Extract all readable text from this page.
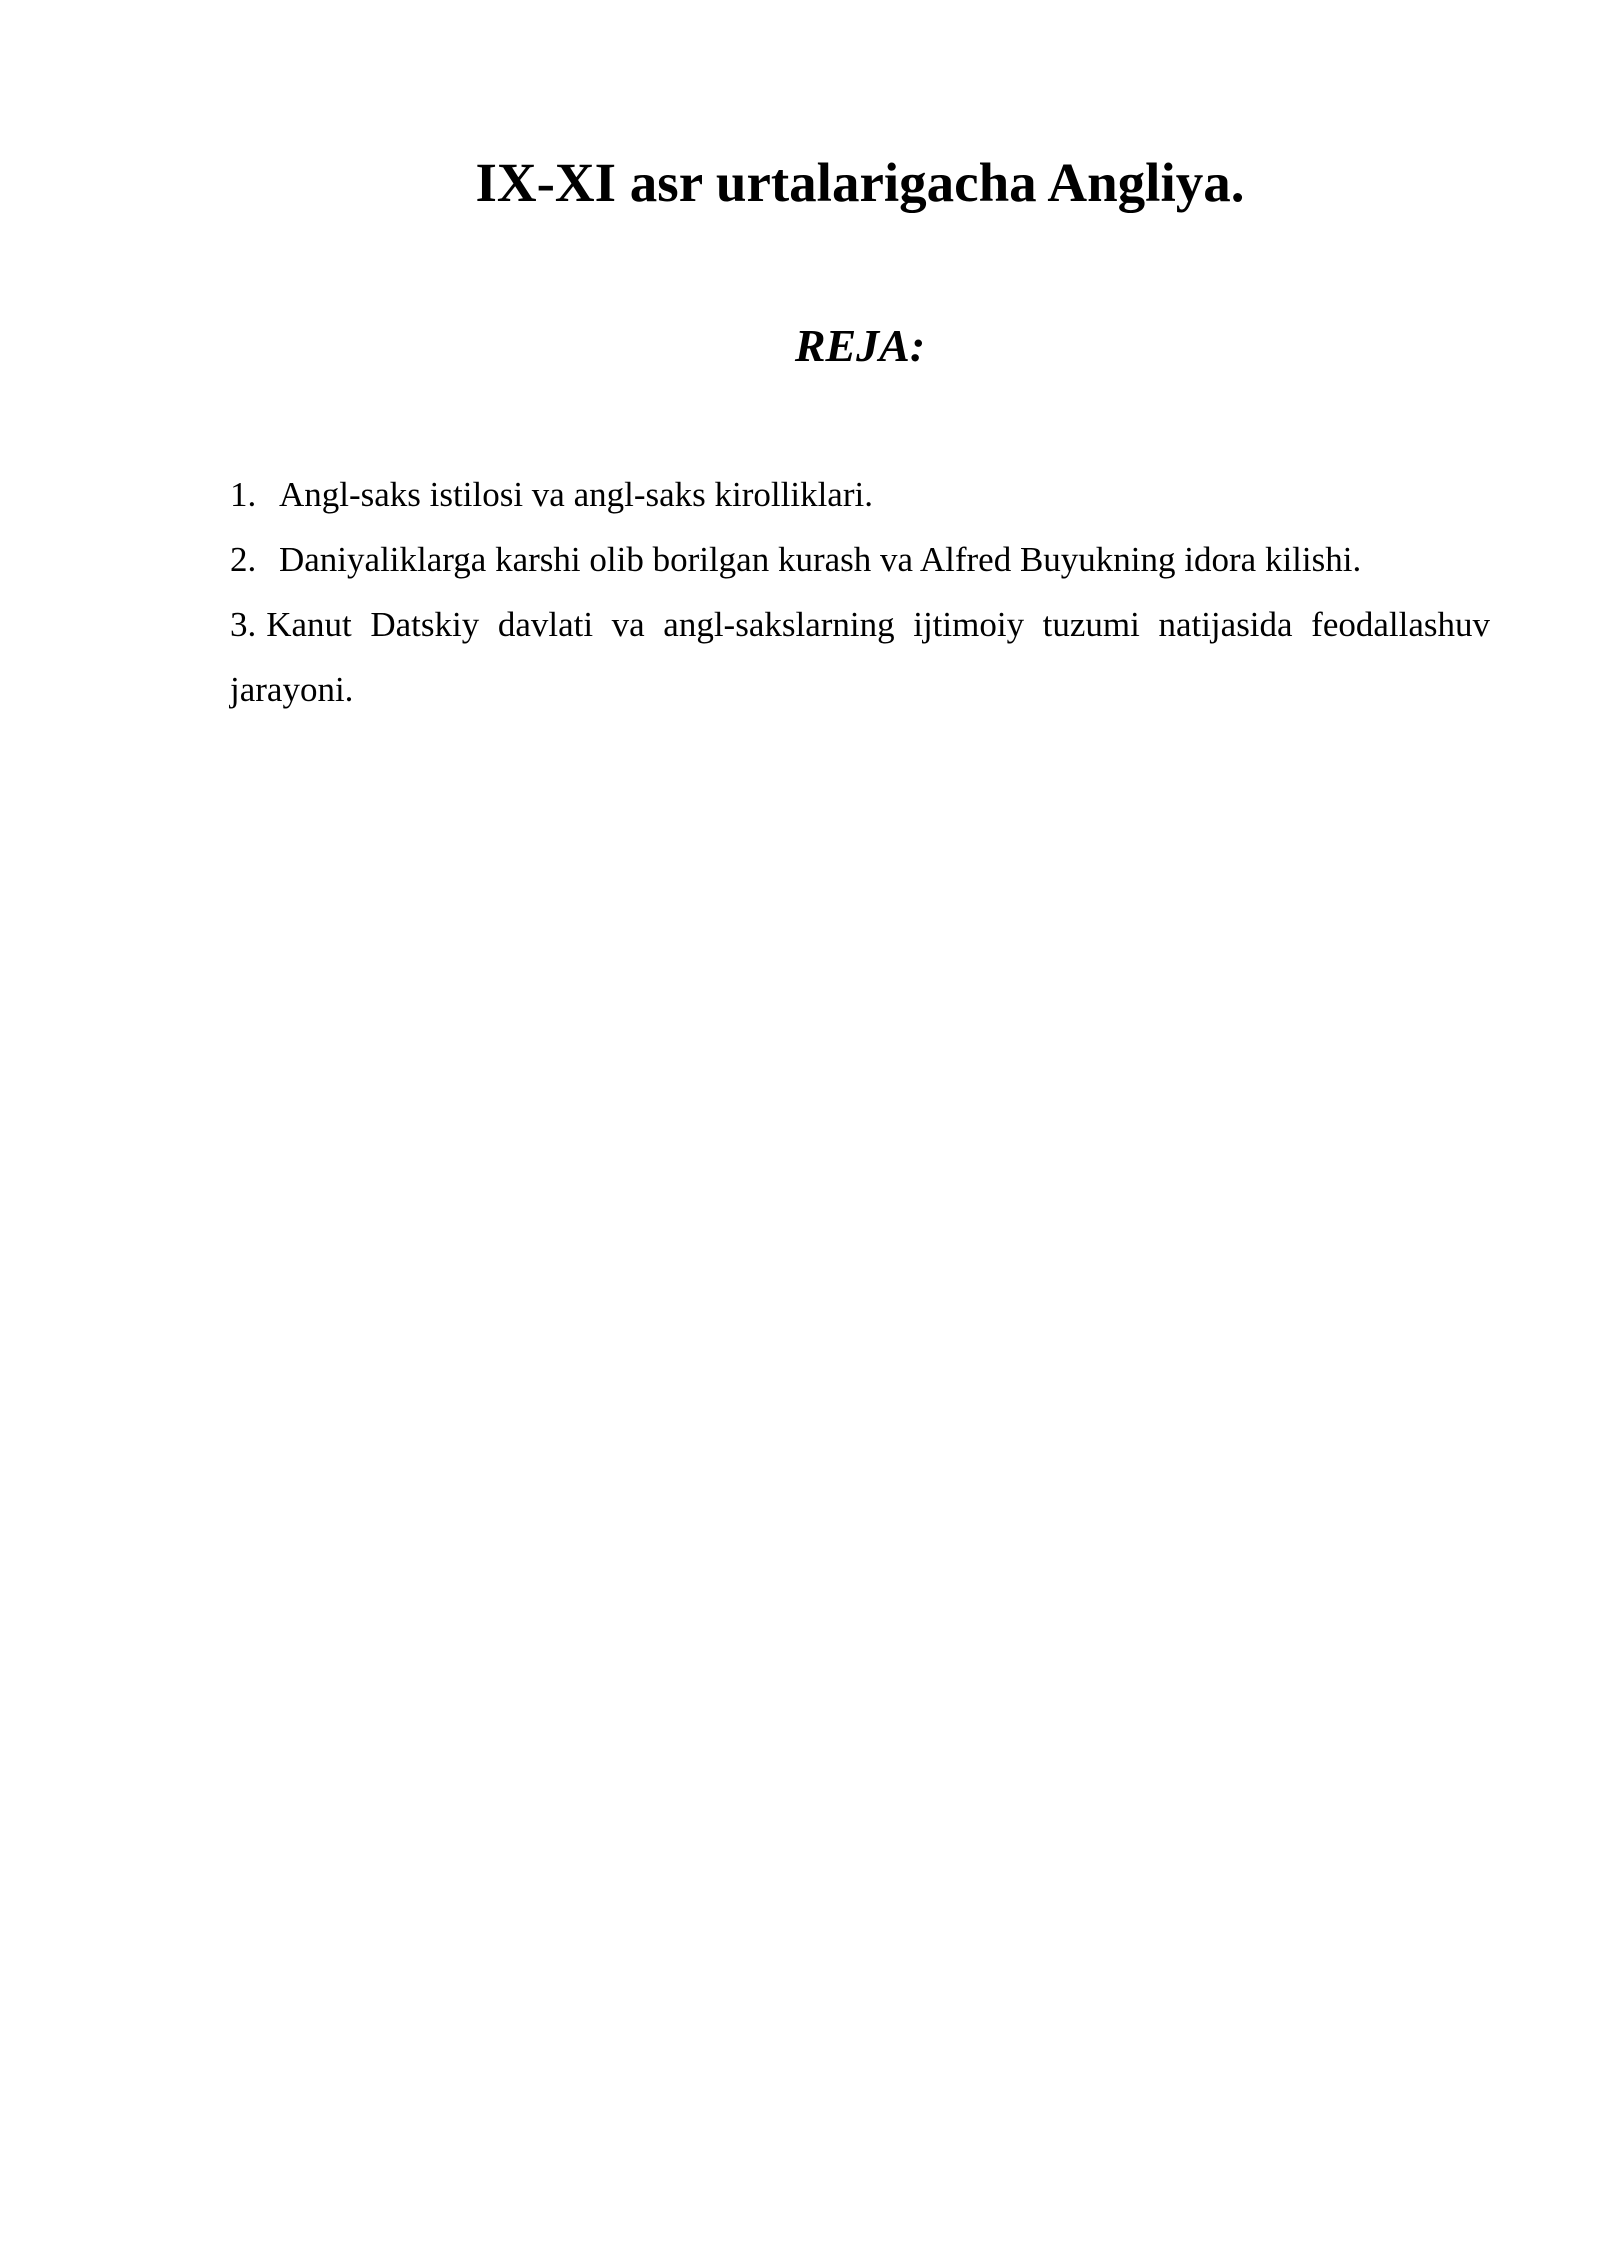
IX-XI asr urtalarigacha Angliya.
REJA:
1. Angl-saks istilosi va angl-saks kirolliklari.
2. Daniyaliklarga karshi olib borilgan kurash va Alfred Buyukning idora kilishi.
3. Kanut Datskiy davlati va angl-sakslarning ijtimoiy tuzumi natijasida feodallashuv jarayoni.
